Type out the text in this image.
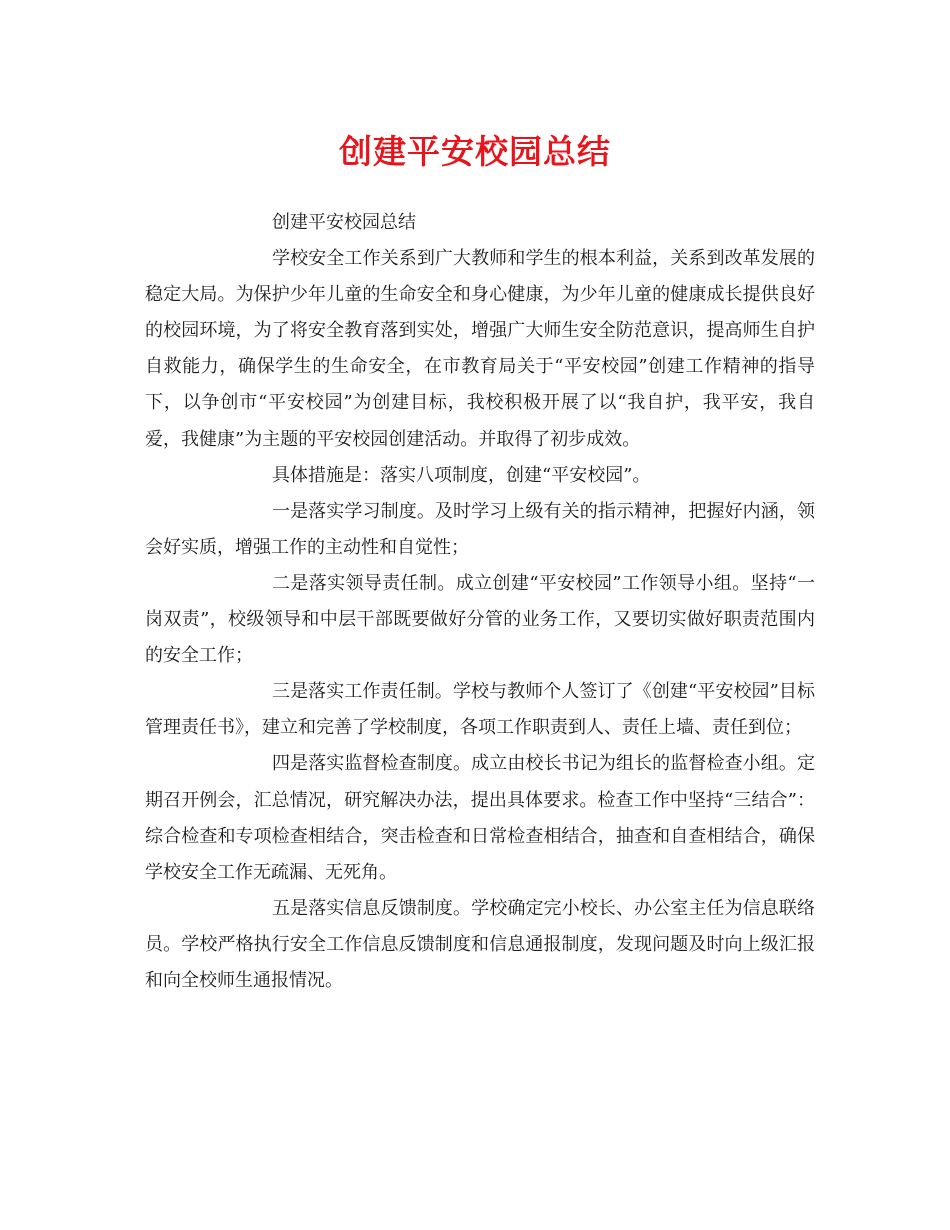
创建平安校园总结

创建平安校园总结

学校安全工作关系到广大教师和学生的根本利益，关系到改革发展的稳定大局。为保护少年儿童的生命安全和身心健康，为少年儿童的健康成长提供良好的校园环境，为了将安全教育落到实处，增强广大师生安全防范意识，提高师生自护自救能力，确保学生的生命安全，在市教育局关于“平安校园”创建工作精神的指导下，以争创市“平安校园”为创建目标，我校积极开展了以“我自护，我平安，我自爱，我健康”为主题的平安校园创建活动。并取得了初步成效。

具体措施是：落实八项制度，创建“平安校园”。

一是落实学习制度。及时学习上级有关的指示精神，把握好内涵，领会好实质，增强工作的主动性和自觉性；

二是落实领导责任制。成立创建“平安校园”工作领导小组。坚持“一岗双责”，校级领导和中层干部既要做好分管的业务工作，又要切实做好职责范围内的安全工作；

三是落实工作责任制。学校与教师个人签订了《创建“平安校园”目标管理责任书》，建立和完善了学校制度，各项工作职责到人、责任上墙、责任到位；

四是落实监督检查制度。成立由校长书记为组长的监督检查小组。定期召开例会，汇总情况，研究解决办法，提出具体要求。检查工作中坚持“三结合”：综合检查和专项检查相结合，突击检查和日常检查相结合，抽查和自查相结合，确保学校安全工作无疏漏、无死角。

五是落实信息反馈制度。学校确定完小校长、办公室主任为信息联络员。学校严格执行安全工作信息反馈制度和信息通报制度，发现问题及时向上级汇报和向全校师生通报情况。
